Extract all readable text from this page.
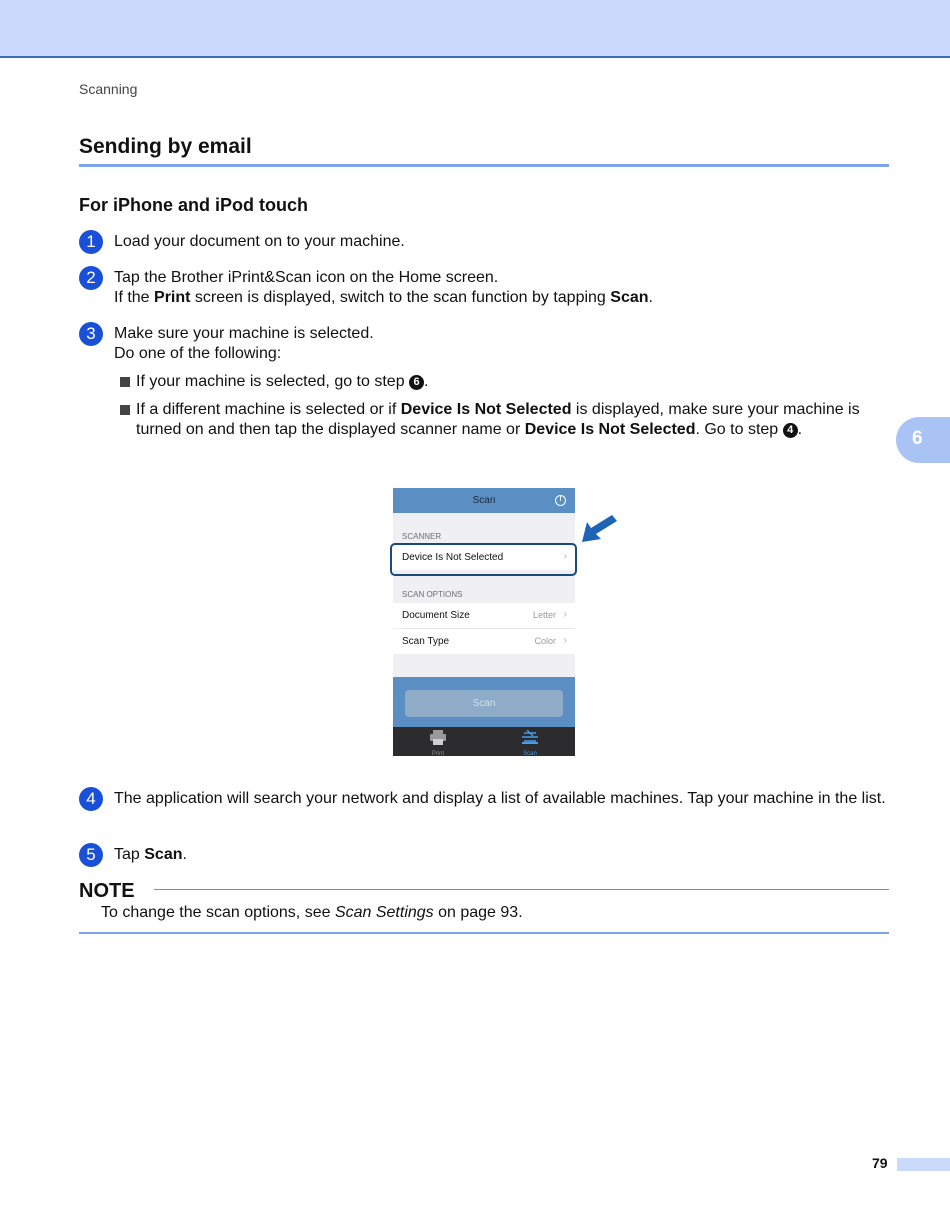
Scanning
Sending by email
For iPhone and iPod touch
1	Load your document on to your machine.
2	Tap the Brother iPrint&Scan icon on the Home screen.
If the Print screen is displayed, switch to the scan function by tapping Scan.
3	Make sure your machine is selected.
Do one of the following:
If your machine is selected, go to step 6 .
If a different machine is selected or if Device Is Not Selected is displayed, make sure your machine is turned on and then tap the displayed scanner name or Device Is Not Selected. Go to step 4 .	6
Scan	!
SCANNER
Device Is Not Selected	›
SCAN OPTIONS
Document Size	Letter ›
Scan Type	Color ›
Scan
Print	Scan
4	The application will search your network and display a list of available machines. Tap your machine in the list.
5	Tap Scan.
NOTE
To change the scan options, see Scan Settings on page 93.
79
